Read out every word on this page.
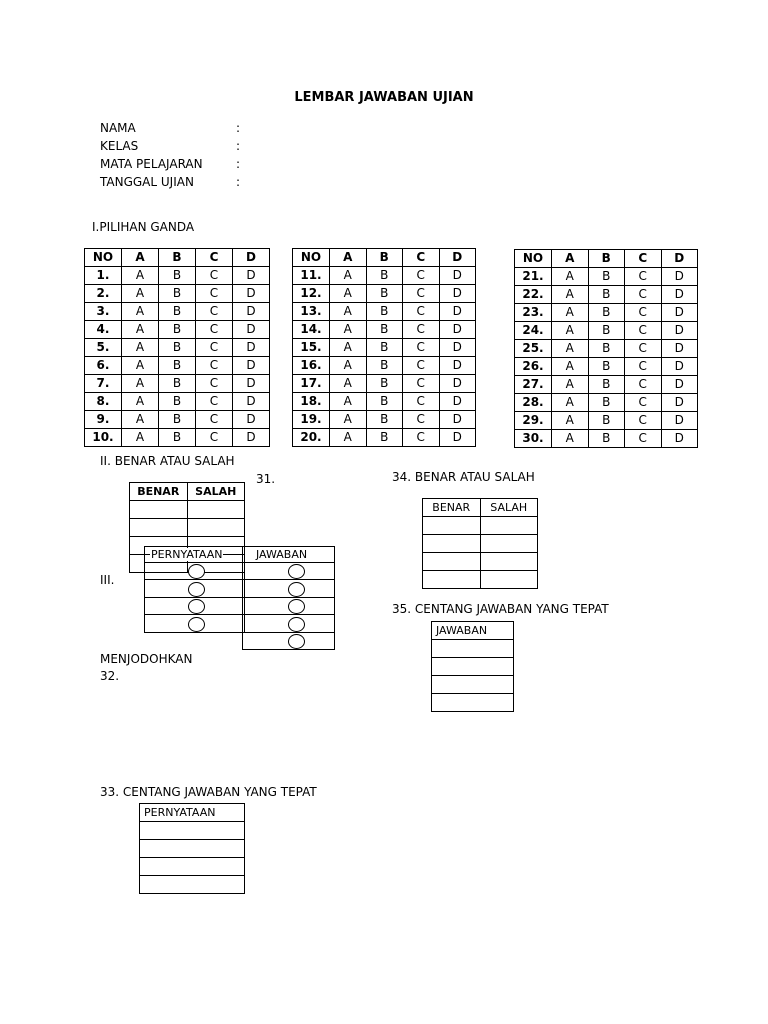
LEMBAR JAWABAN UJIAN
NAMA	:
KELAS	:
MATA PELAJARAN	:
TANGGAL UJIAN	:
I.PILIHAN GANDA
NO	A	B	C	D
1.	A	B	C	D
2.	A	B	C	D
3.	A	B	C	D
4.	A	B	C	D
5.	A	B	C	D
6.	A	B	C	D
7.	A	B	C	D
8.	A	B	C	D
9.	A	B	C	D
10.	A	B	C	D
NO	A	B	C	D
11.	A	B	C	D
12.	A	B	C	D
13.	A	B	C	D
14.	A	B	C	D
15.	A	B	C	D
16.	A	B	C	D
17.	A	B	C	D
18.	A	B	C	D
19.	A	B	C	D
20.	A	B	C	D
NO	A	B	C	D
21.	A	B	C	D
22.	A	B	C	D
23.	A	B	C	D
24.	A	B	C	D
25.	A	B	C	D
26.	A	B	C	D
27.	A	B	C	D
28.	A	B	C	D
29.	A	B	C	D
30.	A	B	C	D
II. BENAR ATAU SALAH
31.
BENAR	SALAH

III.
PERNYATAAN	JAWABAN
MENJODOHKAN
32.
33. CENTANG JAWABAN YANG TEPAT
PERNYATAAN

34. BENAR ATAU SALAH
BENAR	SALAH

35. CENTANG JAWABAN YANG TEPAT
JAWABAN
